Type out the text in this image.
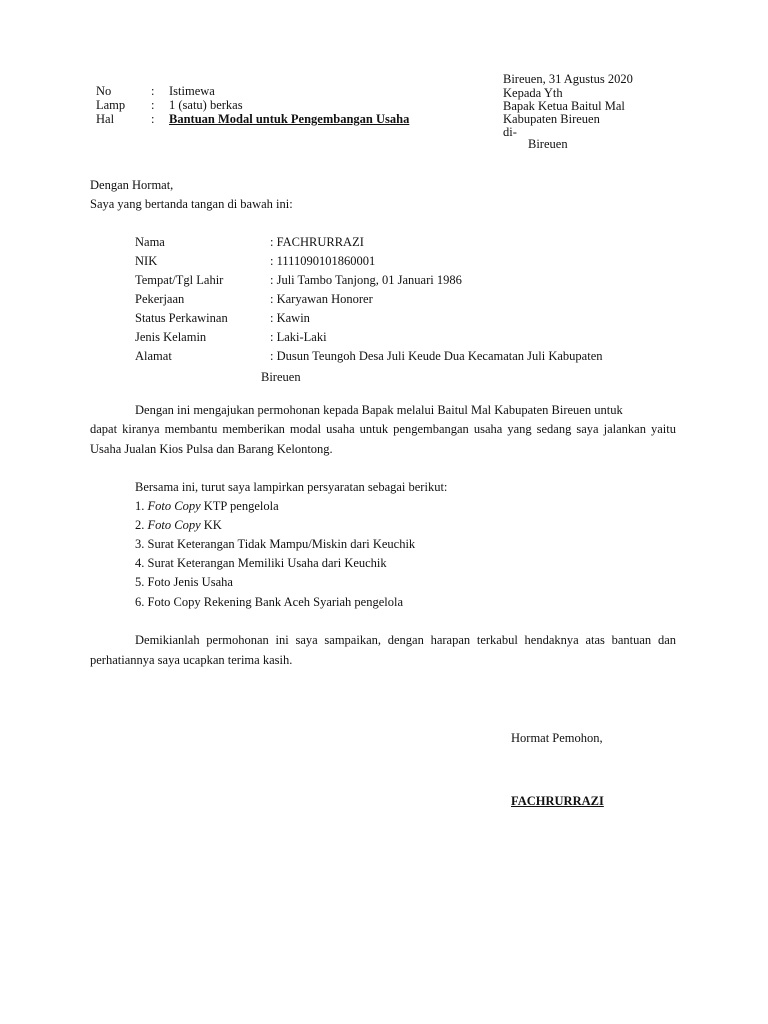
No	: Istimewa
Lamp : 1 (satu) berkas
Hal	: Bantuan Modal untuk Pengembangan Usaha
Bireuen, 31 Agustus 2020
Kepada Yth
Bapak Ketua Baitul Mal
Kabupaten Bireuen
di-
Bireuen
Dengan Hormat,
Saya yang bertanda tangan di bawah ini:
Nama	: FACHRURRAZI
NIK	: 1111090101860001
Tempat/Tgl Lahir	: Juli Tambo Tanjong, 01 Januari 1986
Pekerjaan	: Karyawan Honorer
Status Perkawinan	: Kawin
Jenis Kelamin	: Laki-Laki
Alamat	: Dusun Teungoh Desa Juli Keude Dua Kecamatan Juli Kabupaten
Bireuen
Dengan ini mengajukan permohonan kepada Bapak melalui Baitul Mal Kabupaten Bireuen untuk
dapat kiranya membantu memberikan modal usaha untuk pengembangan usaha yang sedang saya jalankan yaitu Usaha Jualan Kios Pulsa dan Barang Kelontong.
Bersama ini, turut saya lampirkan persyaratan sebagai berikut:
1. Foto Copy KTP pengelola
2. Foto Copy KK
3. Surat Keterangan Tidak Mampu/Miskin dari Keuchik
4. Surat Keterangan Memiliki Usaha dari Keuchik
5. Foto Jenis Usaha
6. Foto Copy Rekening Bank Aceh Syariah pengelola
Demikianlah permohonan ini saya sampaikan, dengan harapan terkabul hendaknya atas bantuan dan perhatiannya saya ucapkan terima kasih.
Hormat Pemohon,
FACHRURRAZI
